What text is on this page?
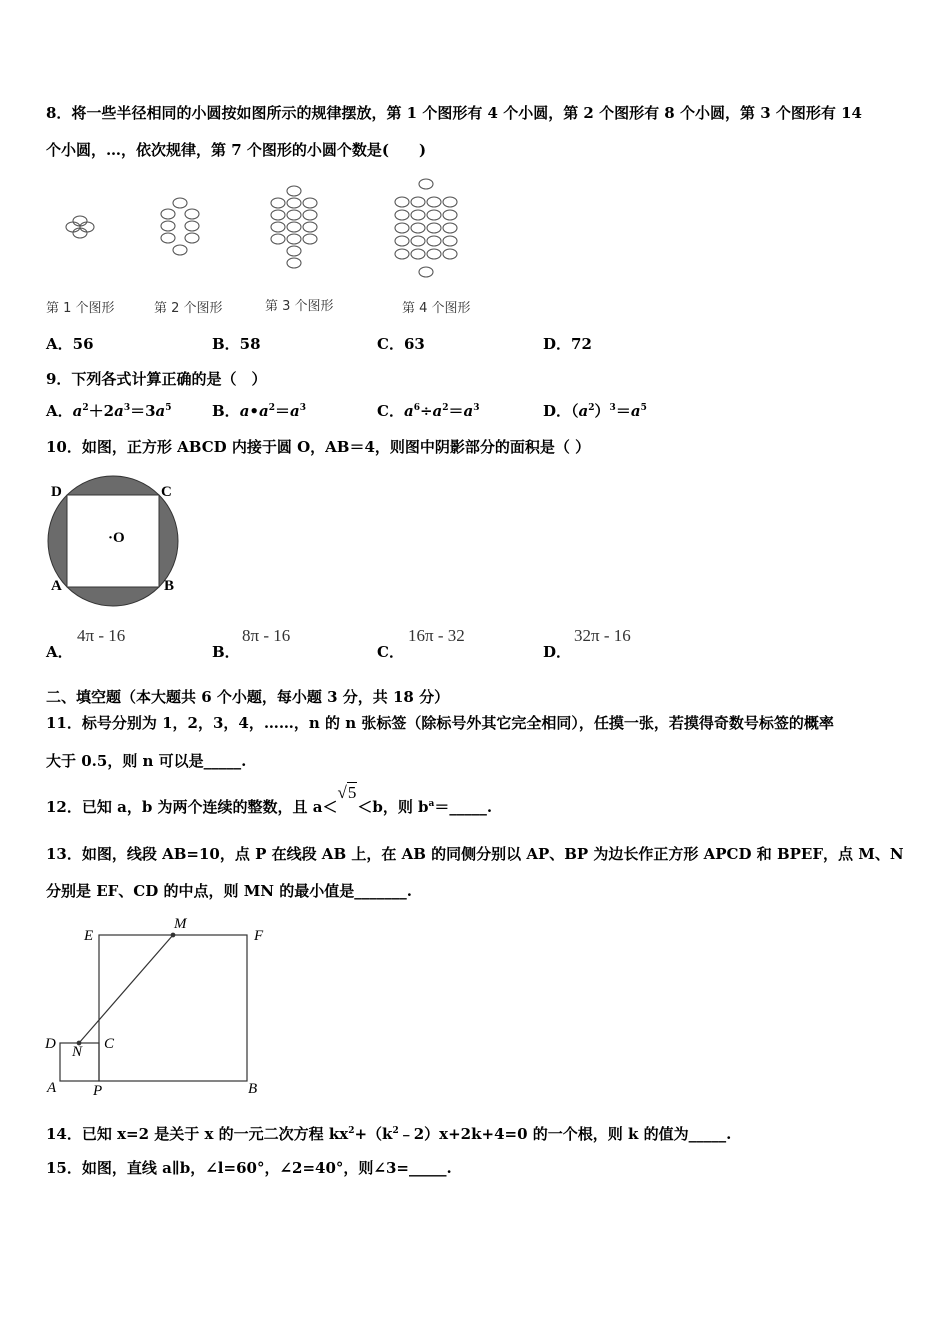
8．将一些半径相同的小圆按如图所示的规律摆放，第 1 个图形有 4 个小圆，第 2 个图形有 8 个小圆，第 3 个图形有 14
个小圆，…，依次规律，第 7 个图形的小圆个数是(　　)
第 1 个图形	第 2 个图形	第 3 个图形	第 4 个图形
A．56	B．58	C．63	D．72
9．下列各式计算正确的是（　）
A．$a^2+2a^3=3a^5$	B．$a•a^2=a^3$	C．$a^6\div a^2=a^3$	D．$(a^2)^3=a^5$
10．如图，正方形 ABCD 内接于圆 O，AB＝4，则图中阴影部分的面积是（ ）
D	C
·O
A	B
A．
4π - 16
B．
8π - 16
C．
16π - 32
D．
32π - 16
二、填空题（本大题共 6 个小题，每小题 3 分，共 18 分）
11．标号分别为 1，2，3，4，……，n 的 n 张标签（除标号外其它完全相同），任摸一张，若摸得奇数号标签的概率
大于 0.5，则 n 可以是_____.
12．已知 a，b 为两个连续的整数，且 a＜√5＜b，则 $b^a=\_\_\_\_\_$.
13．如图，线段 AB=10，点 P 在线段 AB 上，在 AB 的同侧分别以 AP、BP 为边长作正方形 APCD 和 BPEF，点 M、N
分别是 EF、CD 的中点，则 MN 的最小值是_______.
E
M
F
D N C
A P	B
14．已知 x=2 是关于 x 的一元二次方程 $kx^2+(k^2﹣2)x+2k+4=0$ 的一个根，则 k 的值为_____.
15．如图，直线 a∥b，∠l=60°，∠2=40°，则∠3=_____.
